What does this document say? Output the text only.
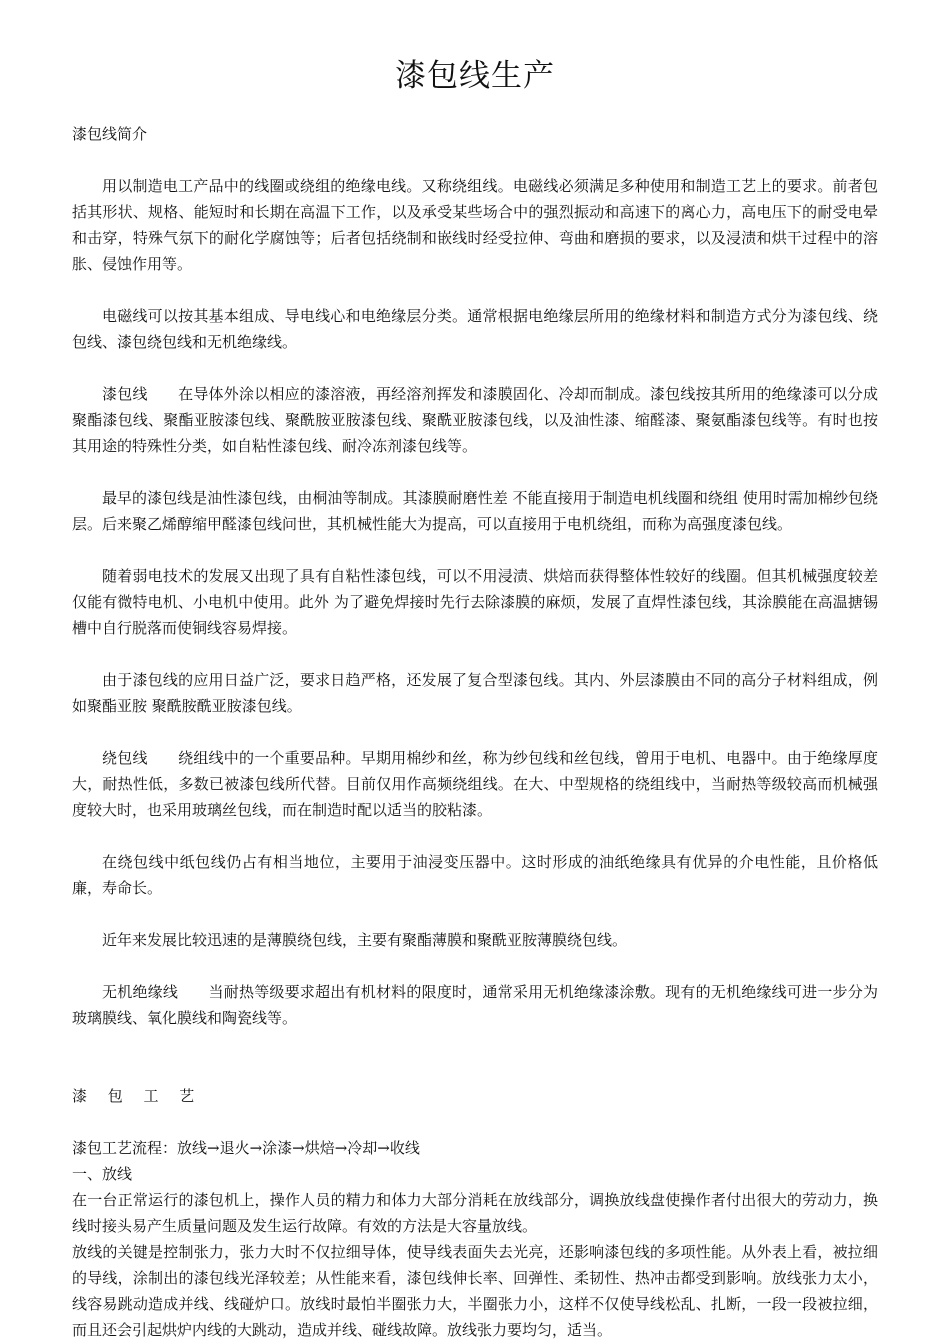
漆包线生产
漆包线简介

用以制造电工产品中的线圈或绕组的绝缘电线。又称绕组线。电磁线必须满足多种使用和制造工艺上的要求。前者包括其形状、规格、能短时和长期在高温下工作，以及承受某些场合中的强烈振动和高速下的离心力，高电压下的耐受电晕和击穿，特殊气氛下的耐化学腐蚀等；后者包括绕制和嵌线时经受拉伸、弯曲和磨损的要求，以及浸渍和烘干过程中的溶胀、侵蚀作用等。

电磁线可以按其基本组成、导电线心和电绝缘层分类。通常根据电绝缘层所用的绝缘材料和制造方式分为漆包线、绕包线、漆包绕包线和无机绝缘线。

漆包线　　在导体外涂以相应的漆溶液，再经溶剂挥发和漆膜固化、冷却而制成。漆包线按其所用的绝缘漆可以分成聚酯漆包线、聚酯亚胺漆包线、聚酰胺亚胺漆包线、聚酰亚胺漆包线，以及油性漆、缩醛漆、聚氨酯漆包线等。有时也按其用途的特殊性分类，如自粘性漆包线、耐冷冻剂漆包线等。

最早的漆包线是油性漆包线，由桐油等制成。其漆膜耐磨性差 不能直接用于制造电机线圈和绕组 使用时需加棉纱包绕层。后来聚乙烯醇缩甲醛漆包线问世，其机械性能大为提高，可以直接用于电机绕组，而称为高强度漆包线。

随着弱电技术的发展又出现了具有自粘性漆包线，可以不用浸渍、烘焙而获得整体性较好的线圈。但其机械强度较差 仅能有微特电机、小电机中使用。此外 为了避免焊接时先行去除漆膜的麻烦，发展了直焊性漆包线，其涂膜能在高温搪锡槽中自行脱落而使铜线容易焊接。

由于漆包线的应用日益广泛，要求日趋严格，还发展了复合型漆包线。其内、外层漆膜由不同的高分子材料组成，例如聚酯亚胺 聚酰胺酰亚胺漆包线。

绕包线　　绕组线中的一个重要品种。早期用棉纱和丝，称为纱包线和丝包线，曾用于电机、电器中。由于绝缘厚度大，耐热性低，多数已被漆包线所代替。目前仅用作高频绕组线。在大、中型规格的绕组线中，当耐热等级较高而机械强度较大时，也采用玻璃丝包线，而在制造时配以适当的胶粘漆。

在绕包线中纸包线仍占有相当地位，主要用于油浸变压器中。这时形成的油纸绝缘具有优异的介电性能，且价格低廉，寿命长。

近年来发展比较迅速的是薄膜绕包线，主要有聚酯薄膜和聚酰亚胺薄膜绕包线。

无机绝缘线　　当耐热等级要求超出有机材料的限度时，通常采用无机绝缘漆涂敷。现有的无机绝缘线可进一步分为玻璃膜线、氧化膜线和陶瓷线等。

漆 包 工 艺

漆包工艺流程：放线→退火→涂漆→烘焙→冷却→收线

一、放线

在一台正常运行的漆包机上，操作人员的精力和体力大部分消耗在放线部分，调换放线盘使操作者付出很大的劳动力，换线时接头易产生质量问题及发生运行故障。有效的方法是大容量放线。

放线的关键是控制张力，张力大时不仅拉细导体，使导线表面失去光亮，还影响漆包线的多项性能。从外表上看，被拉细的导线，涂制出的漆包线光泽较差；从性能来看，漆包线伸长率、回弹性、柔韧性、热冲击都受到影响。放线张力太小，线容易跳动造成并线、线碰炉口。放线时最怕半圈张力大，半圈张力小，这样不仅使导线松乱、扎断，一段一段被拉细，而且还会引起烘炉内线的大跳动，造成并线、碰线故障。放线张力要均匀，适当。
